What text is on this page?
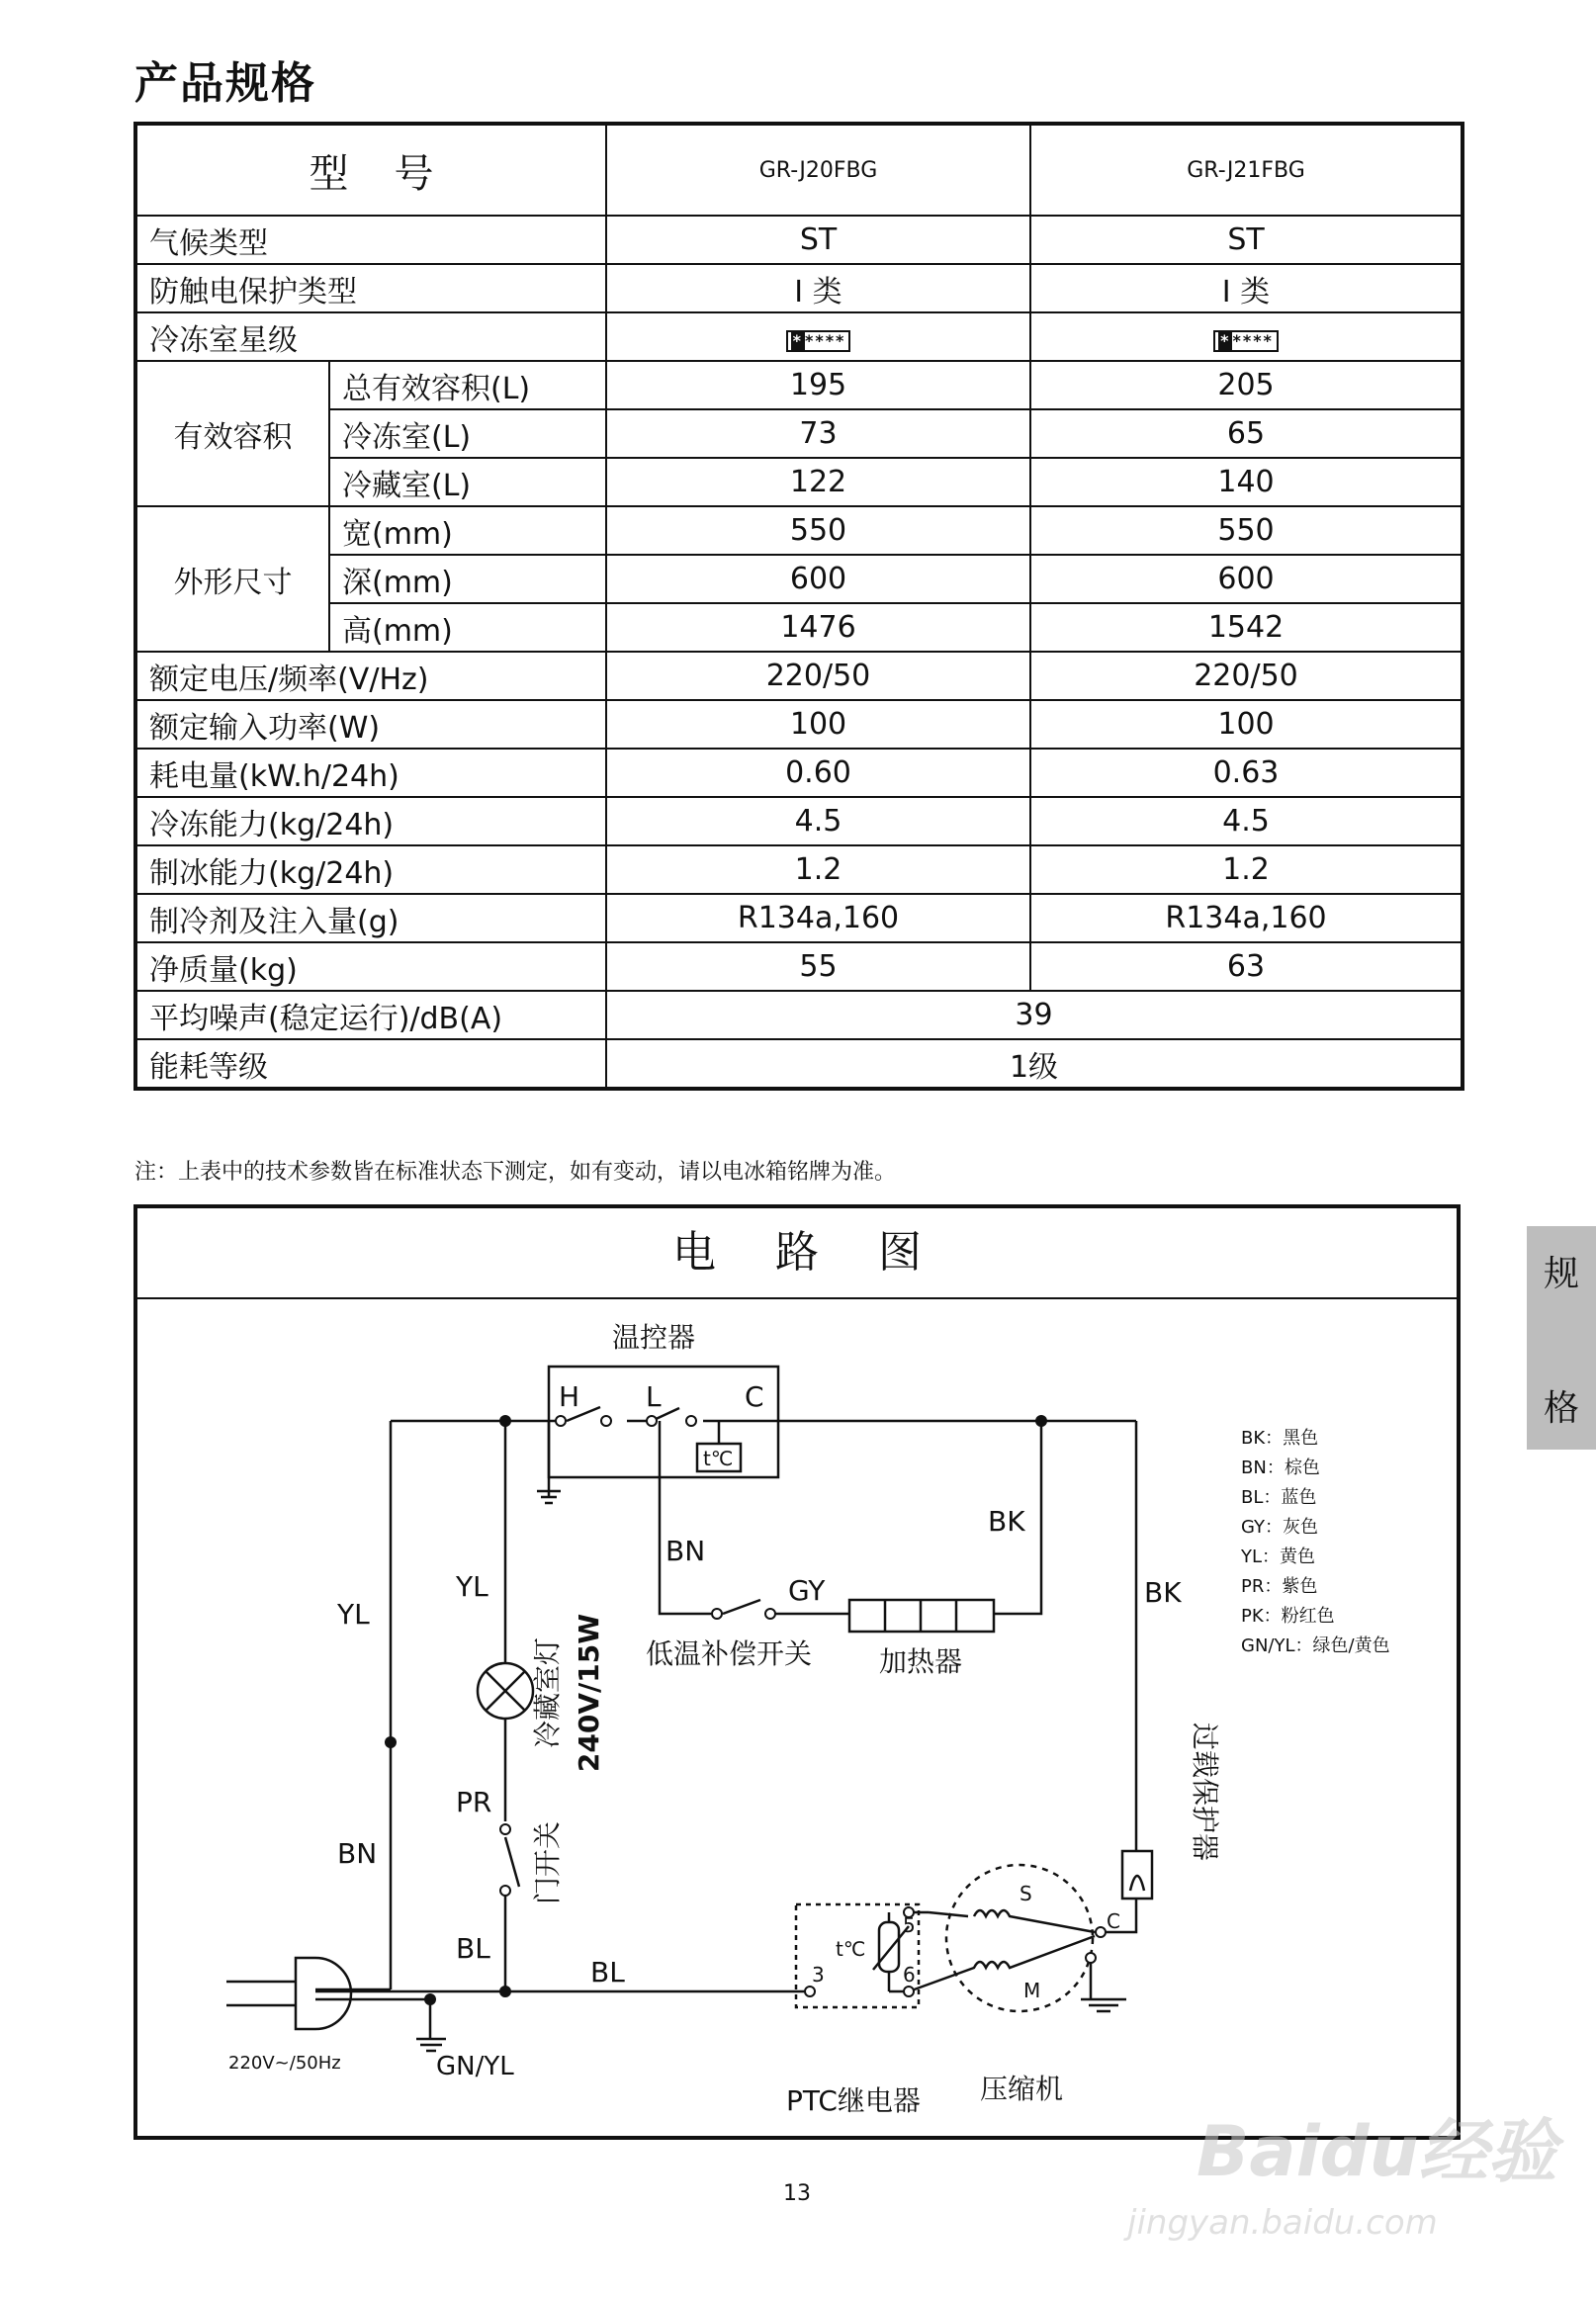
产品规格
型号		GR-J20FBG	GR-J21FBG
气候类型		ST	ST
防触电保护类型		I 类	I 类
冷冻室星级		* ****	* ****
有效容积	总有效容积(L)	195	205
	冷冻室(L)	73	65
	冷藏室(L)	122	140
外形尺寸	宽(mm)	550	550
	深(mm)	600	600
	高(mm)	1476	1542
额定电压/频率(V/Hz)		220/50	220/50
额定输入功率(W)		100	100
耗电量(kW.h/24h)		0.60	0.63
冷冻能力(kg/24h)		4.5	4.5
制冰能力(kg/24h)		1.2	1.2
制冷剂及注入量(g)		R134a,160	R134a,160
净质量(kg)		55	63
平均噪声(稳定运行)/dB(A)		39	
能耗等级		1级	
注：上表中的技术参数皆在标准状态下测定，如有变动，请以电冰箱铭牌为准。
电路图
温控器
H L	C
t℃
YL
BN
YL
PR
BL
BL
BN
GY
BK
BK
GN/YL
冷藏室灯 240V/15W
门开关
低温补偿开关 加热器
过载保护器
PTC继电器
t℃
5
3	6
压缩机
S
M
C
220V~/50Hz
BK：黑色
BN：棕色
BL：蓝色
GY：灰色
YL：黄色
PR：紫色
PK：粉红色
GN/YL：绿色/黄色
规
格
13
Baidu经验
jingyan.baidu.com
